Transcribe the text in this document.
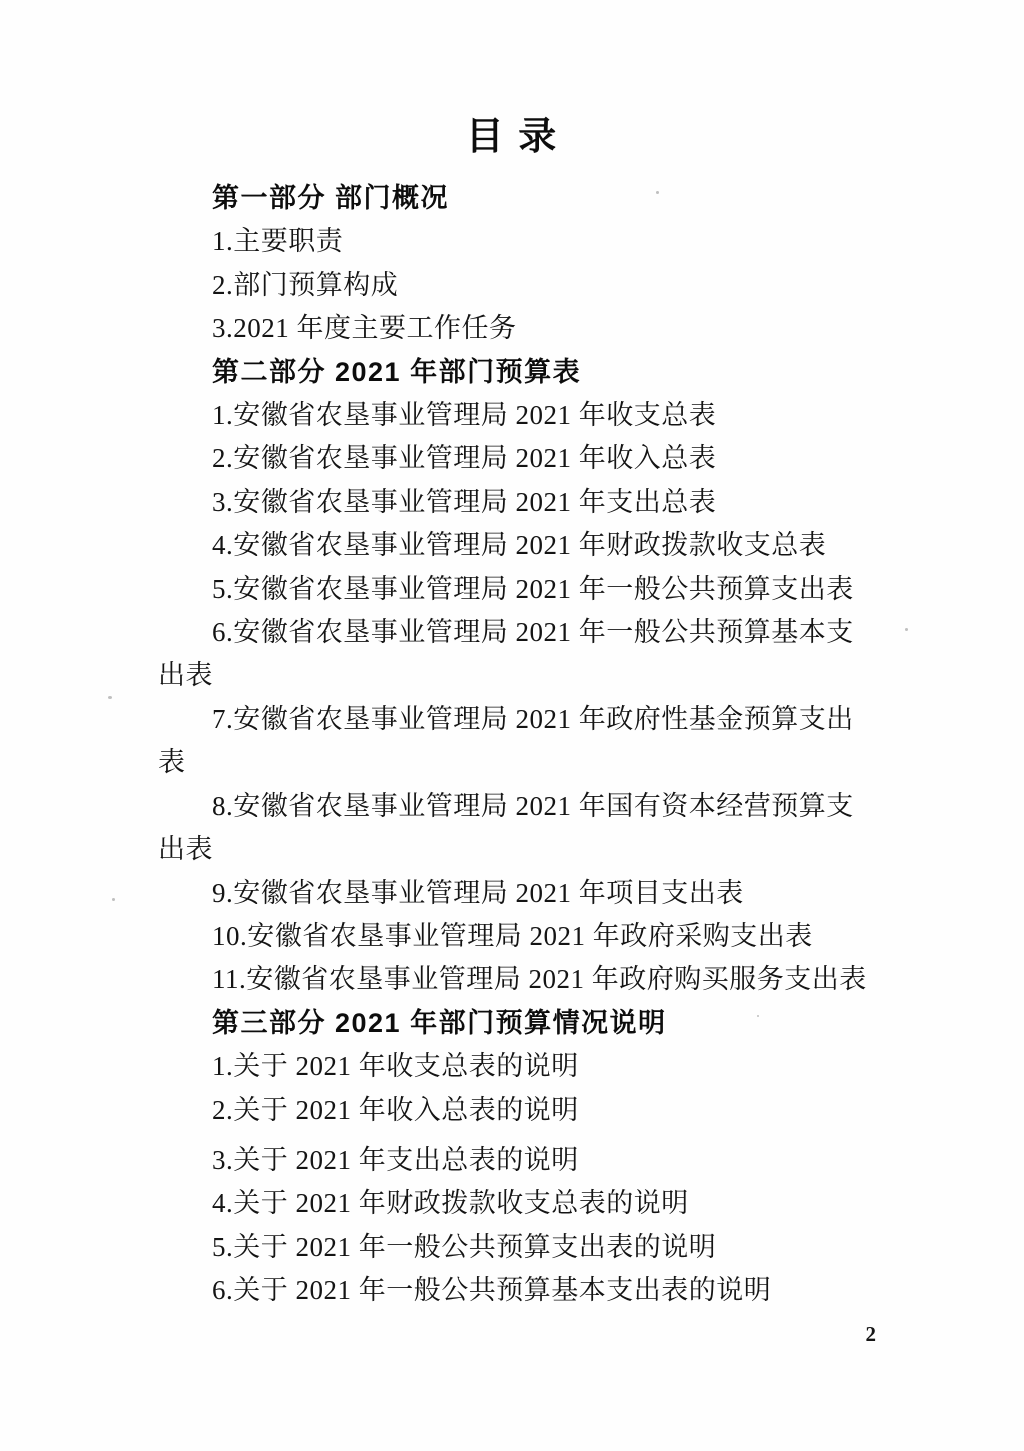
目 录

第一部分 部门概况

1.主要职责

2.部门预算构成

3.2021 年度主要工作任务

第二部分 2021 年部门预算表

1.安徽省农垦事业管理局 2021 年收支总表

2.安徽省农垦事业管理局 2021 年收入总表

3.安徽省农垦事业管理局 2021 年支出总表

4.安徽省农垦事业管理局 2021 年财政拨款收支总表

5.安徽省农垦事业管理局 2021 年一般公共预算支出表

6.安徽省农垦事业管理局 2021 年一般公共预算基本支
出表

7.安徽省农垦事业管理局 2021 年政府性基金预算支出
表

8.安徽省农垦事业管理局 2021 年国有资本经营预算支
出表

9.安徽省农垦事业管理局 2021 年项目支出表

10.安徽省农垦事业管理局 2021 年政府采购支出表

11.安徽省农垦事业管理局 2021 年政府购买服务支出表

第三部分 2021 年部门预算情况说明

1.关于 2021 年收支总表的说明

2.关于 2021 年收入总表的说明

3.关于 2021 年支出总表的说明

4.关于 2021 年财政拨款收支总表的说明

5.关于 2021 年一般公共预算支出表的说明

6.关于 2021 年一般公共预算基本支出表的说明

2
